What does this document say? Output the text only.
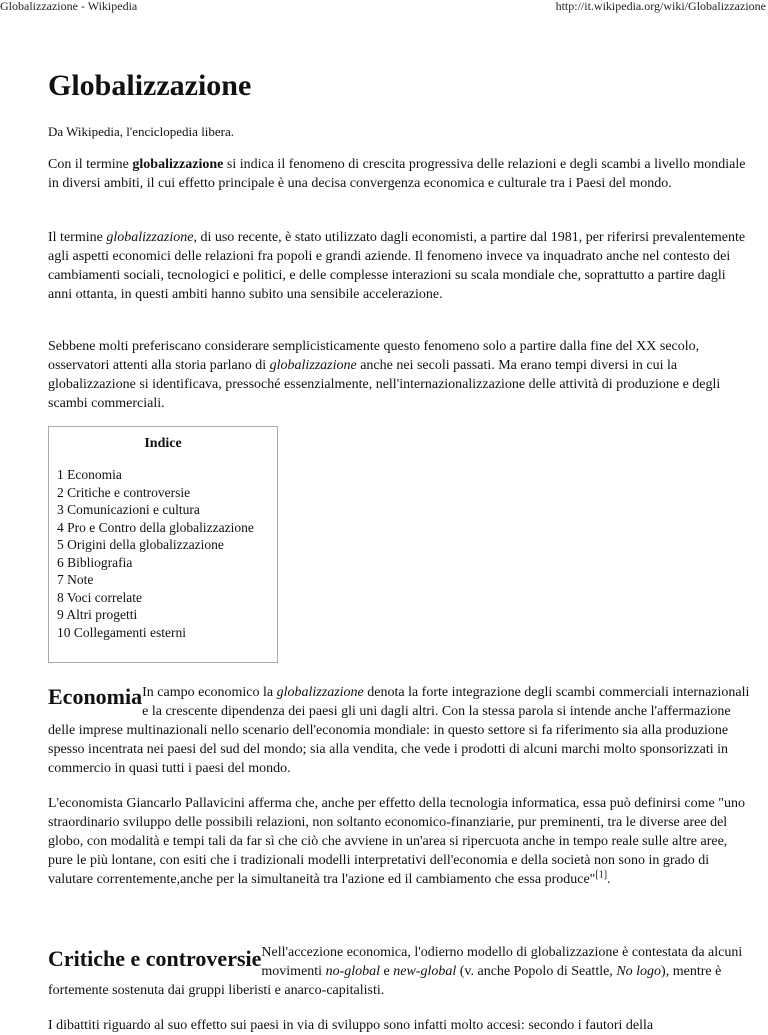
Globalizzazione - Wikipedia	http://it.wikipedia.org/wiki/Globalizzazione
Globalizzazione
Da Wikipedia, l'enciclopedia libera.

Con il termine globalizzazione si indica il fenomeno di crescita progressiva delle relazioni e degli scambi a livello mondiale in diversi ambiti, il cui effetto principale è una decisa convergenza economica e culturale tra i Paesi del mondo.

Il termine globalizzazione, di uso recente, è stato utilizzato dagli economisti, a partire dal 1981, per riferirsi prevalentemente agli aspetti economici delle relazioni fra popoli e grandi aziende. Il fenomeno invece va inquadrato anche nel contesto dei cambiamenti sociali, tecnologici e politici, e delle complesse interazioni su scala mondiale che, soprattutto a partire dagli anni ottanta, in questi ambiti hanno subito una sensibile accelerazione.

Sebbene molti preferiscano considerare semplicisticamente questo fenomeno solo a partire dalla fine del XX secolo, osservatori attenti alla storia parlano di globalizzazione anche nei secoli passati. Ma erano tempi diversi in cui la globalizzazione si identificava, pressoché essenzialmente, nell'internazionalizzazione delle attività di produzione e degli scambi commerciali.

Indice
1 Economia
2 Critiche e controversie
3 Comunicazioni e cultura
4 Pro e Contro della globalizzazione
5 Origini della globalizzazione
6 Bibliografia
7 Note
8 Voci correlate
9 Altri progetti
10 Collegamenti esterni
Economia In campo economico la globalizzazione denota la forte integrazione degli scambi commerciali internazionali e la crescente dipendenza dei paesi gli uni dagli altri. Con la stessa parola si intende anche l'affermazione delle imprese multinazionali nello scenario dell'economia mondiale: in questo settore si fa riferimento sia alla produzione spesso incentrata nei paesi del sud del mondo; sia alla vendita, che vede i prodotti di alcuni marchi molto sponsorizzati in commercio in quasi tutti i paesi del mondo.

L'economista Giancarlo Pallavicini afferma che, anche per effetto della tecnologia informatica, essa può definirsi come "uno straordinario sviluppo delle possibili relazioni, non soltanto economico-finanziarie, pur preminenti, tra le diverse aree del globo, con modalità e tempi tali da far sì che ciò che avviene in un'area si ripercuota anche in tempo reale sulle altre aree, pure le più lontane, con esiti che i tradizionali modelli interpretativi dell'economia e della società non sono in grado di valutare correntemente,anche per la simultaneità tra l'azione ed il cambiamento che essa produce"[1].

Critiche e controversie Nell'accezione economica, l'odierno modello di globalizzazione è contestata da alcuni movimenti no-global e new-global (v. anche Popolo di Seattle, No logo), mentre è fortemente sostenuta dai gruppi liberisti e anarco-capitalisti.

I dibattiti riguardo al suo effetto sui paesi in via di sviluppo sono infatti molto accesi: secondo i fautori della
